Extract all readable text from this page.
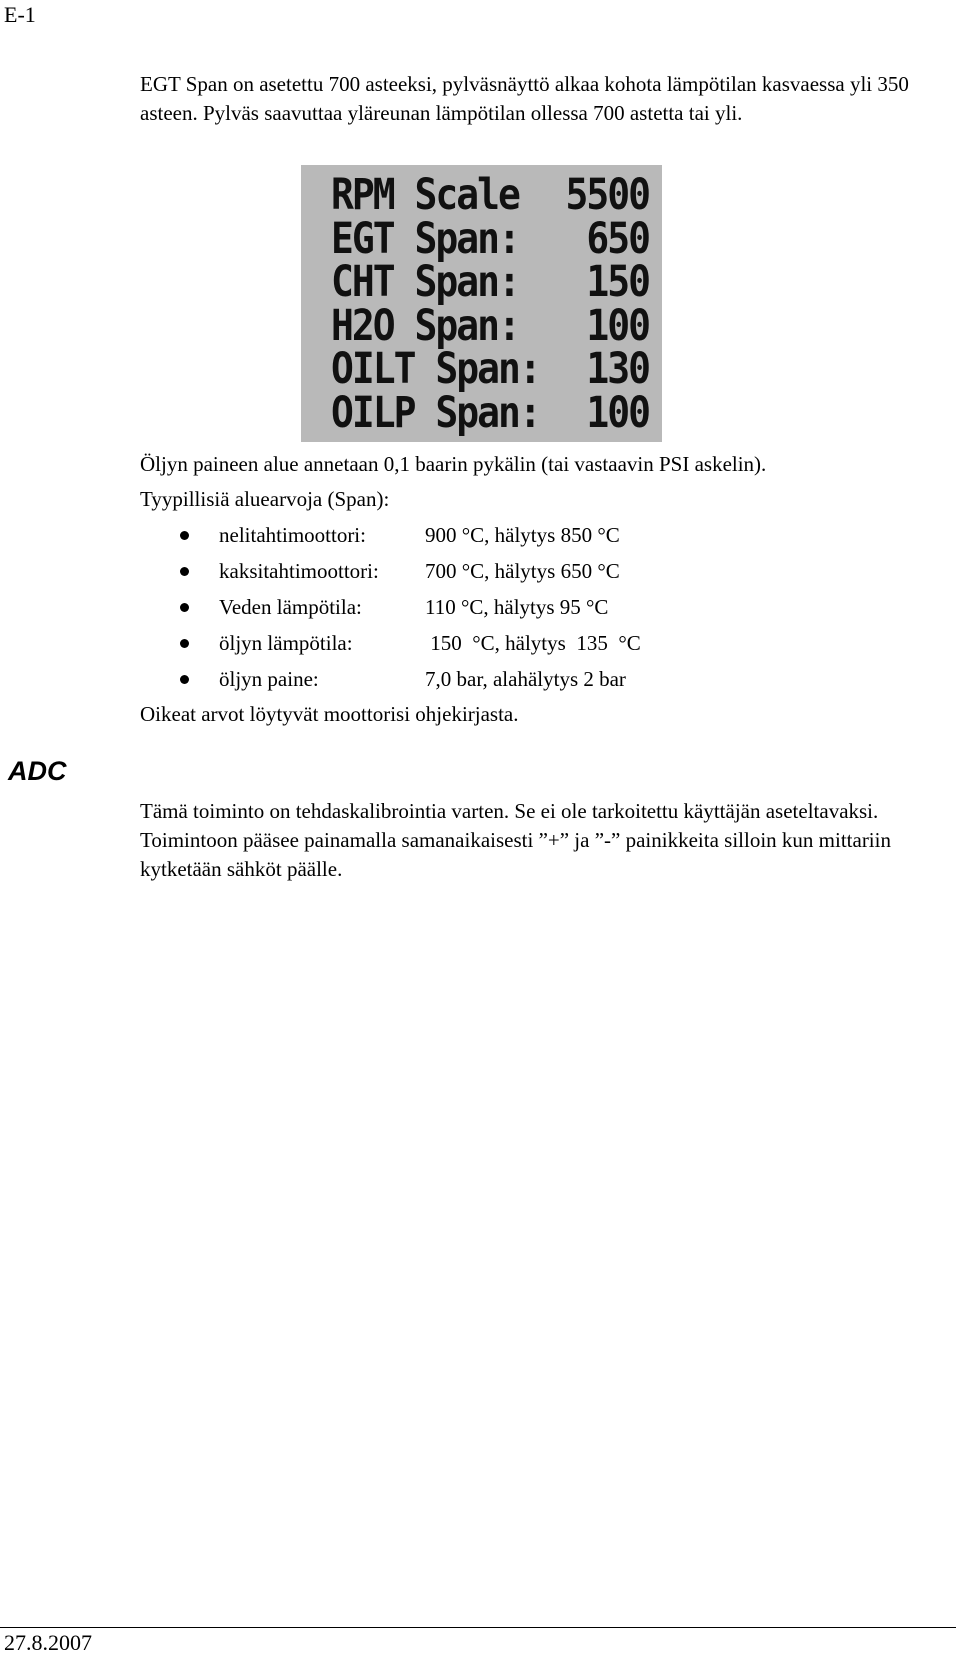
E-1

EGT Span on asetettu 700 asteeksi, pylväsnäyttö alkaa kohota lämpötilan kasvaessa yli 350 asteen. Pylväs saavuttaa yläreunan lämpötilan ollessa 700 astetta tai yli.

RPM Scale 5500
EGT Span: 650
CHT Span: 150
H2O Span: 100
OILT Span: 130
OILP Span: 100

Öljyn paineen alue annetaan 0,1 baarin pykälin (tai vastaavin PSI askelin).

Tyypillisiä aluearvoja (Span):

nelitahtimoottori:	900 °C, hälytys 850 °C
kaksitahtimoottori: 700 °C, hälytys 650 °C
Veden lämpötila:	110 °C, hälytys 95 °C
öljyn lämpötila:	150  °C, hälytys  135  °C
öljyn paine:	7,0 bar, alahälytys 2 bar

Oikeat arvot löytyvät moottorisi ohjekirjasta.

ADC

Tämä toiminto on tehdaskalibrointia varten. Se ei ole tarkoitettu käyttäjän aseteltavaksi. Toimintoon pääsee painamalla samanaikaisesti ”+” ja ”-” painikkeita silloin kun mittariin kytketään sähköt päälle.

27.8.2007
